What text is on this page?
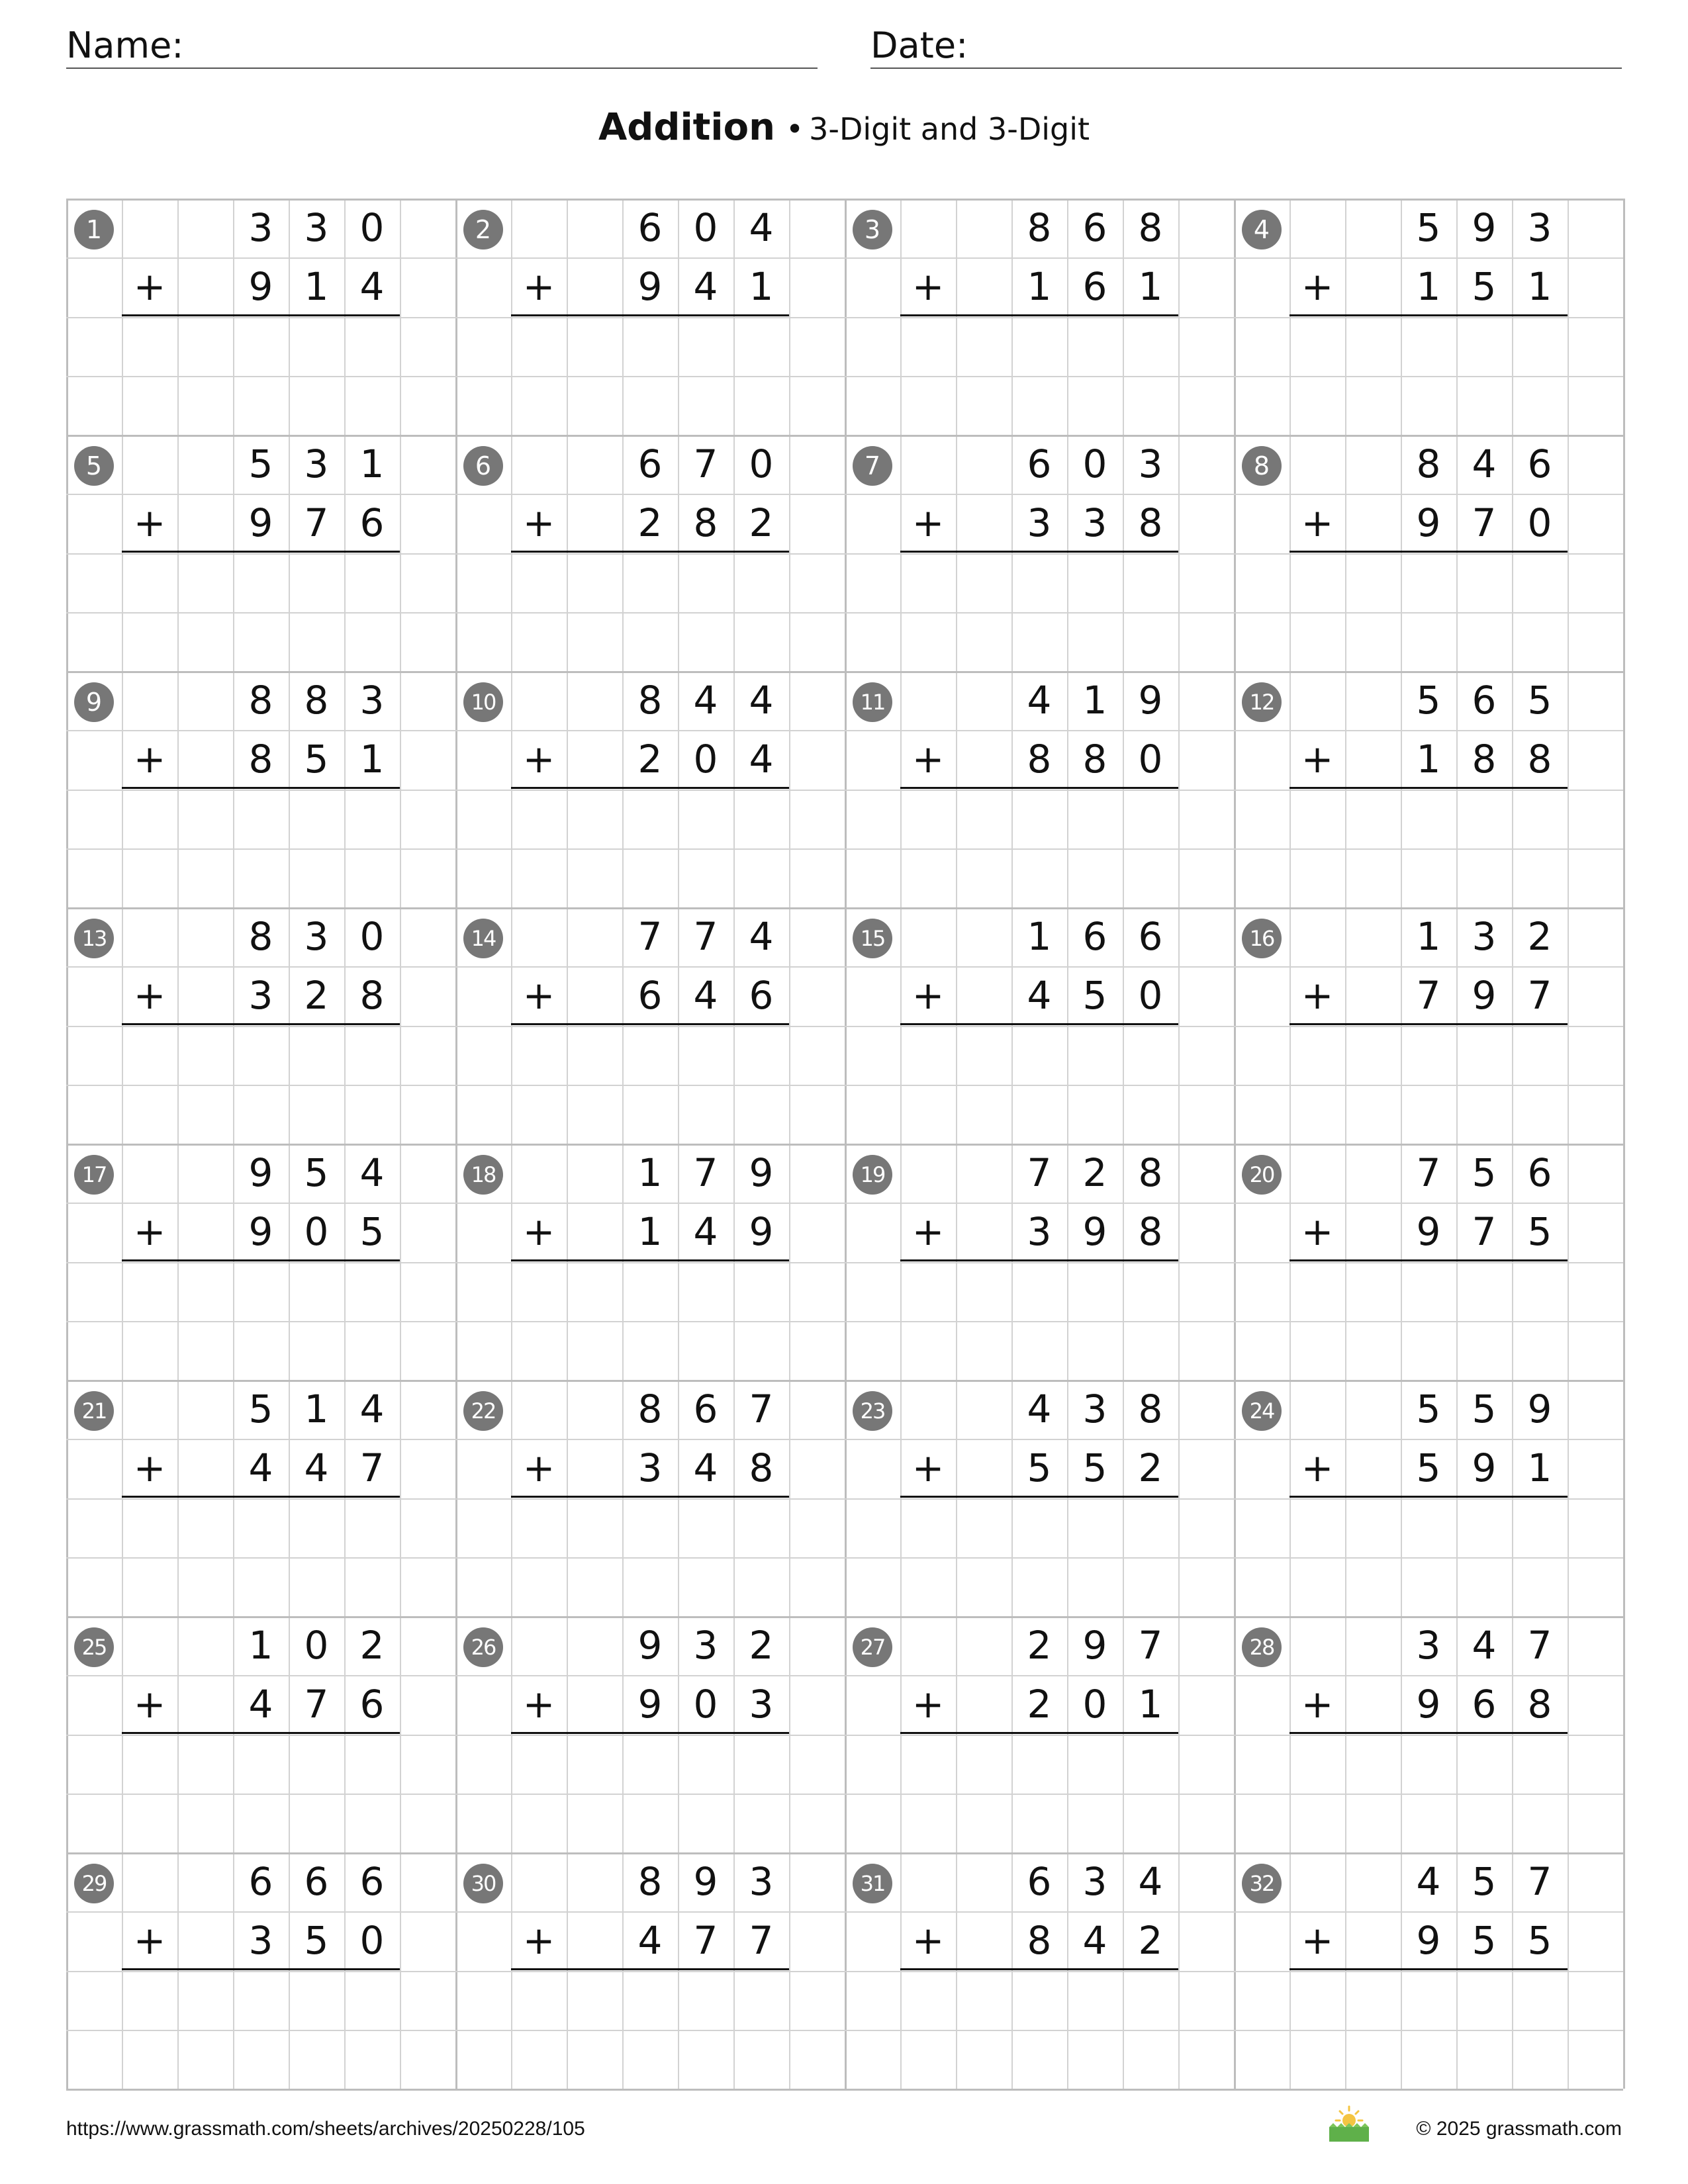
Name:	Date:
Addition • 3-Digit and 3-Digit
1	3 3 0
9 1 4
+
2	6 0 4
9 4 1
+
3	8 6 8
1 6 1
+
4	5 9 3
1 5 1
+
5	5 3 1
9 7 6
+
6	6 7 0
2 8 2
+
7	6 0 3
3 3 8
+
8	8 4 6
9 7 0
+
9	8 8 3
8 5 1
+
10	8 4 4
2 0 4
+
11	4 1 9
8 8 0
+
12	5 6 5
1 8 8
+
13	8 3 0
3 2 8
+
14	7 7 4
6 4 6
+
15	1 6 6
4 5 0
+
16	1 3 2
7 9 7
+
17	9 5 4
9 0 5
+
18	1 7 9
1 4 9
+
19	7 2 8
3 9 8
+
20	7 5 6
9 7 5
+
21	5 1 4
4 4 7
+
22	8 6 7
3 4 8
+
23	4 3 8
5 5 2
+
24	5 5 9
5 9 1
+
25	1 0 2
4 7 6
+
26	9 3 2
9 0 3
+
27	2 9 7
2 0 1
+
28	3 4 7
9 6 8
+
29	6 6 6
3 5 0
+
30	8 9 3
4 7 7
+
31	6 3 4
8 4 2
+
32	4 5 7
9 5 5
+
https://www.grassmath.com/sheets/archives/20250228/105	© 2025 grassmath.com
